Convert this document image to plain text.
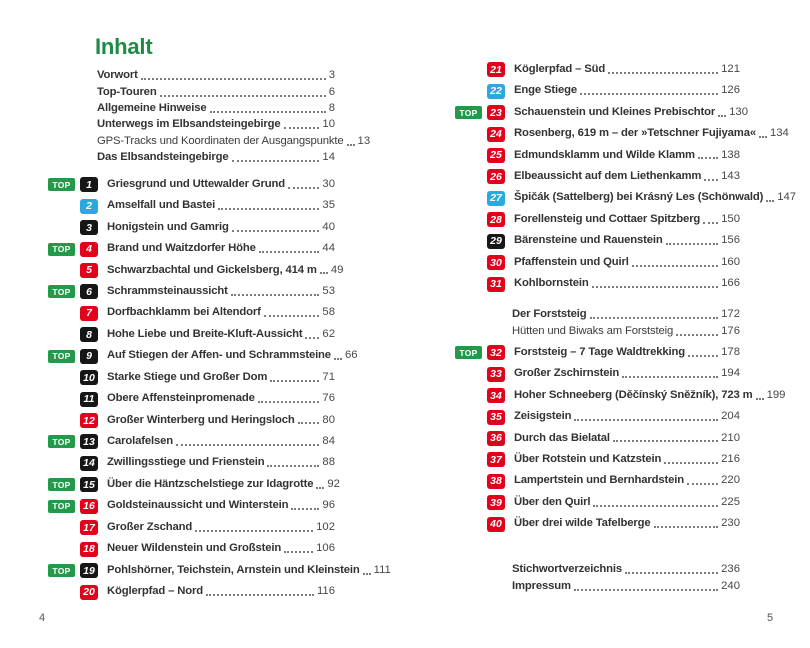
Inhalt
Vorwort	3
Top-Touren	6
Allgemeine Hinweise	8
Unterwegs im Elbsandsteingebirge	10
GPS-Tracks und Koordinaten der Ausgangspunkte 13
Das Elbsandsteingebirge	14
TOP	1	Griesgrund und Uttewalder Grund	30
2	Amselfall und Bastei	35
3	Honigstein und Gamrig	40
TOP	4	Brand und Waitzdorfer Höhe	44
5	Schwarzbachtal und Gickelsberg, 414 m 49
TOP	6	Schrammsteinaussicht	53
7	Dorfbachklamm bei Altendorf	58
8	Hohe Liebe und Breite-Kluft-Aussicht 62
TOP	9	Auf Stiegen der Affen- und Schrammsteine 66
10 Starke Stiege und Großer Dom	71
11	Obere Affensteinpromenade	76
12 Großer Winterberg und Heringsloch 80
TOP	13 Carolafelsen	84
14 Zwillingsstiege und Frienstein	88
TOP	15 Über die Häntzschelstiege zur Idagrotte 92
TOP	16 Goldsteinaussicht und Winterstein	96
17 Großer Zschand	102
18 Neuer Wildenstein und Großstein	106
TOP	19 Pohlshörner, Teichstein, Arnstein und Kleinstein 111
20 Köglerpfad – Nord	116
21 Köglerpfad – Süd	121
22 Enge Stiege	126
TOP	23 Schauenstein und Kleines Prebischtor 130
24 Rosenberg, 619 m – der »Tetschner Fujiyama« 134
25 Edmundsklamm und Wilde Klamm 138
26 Elbeaussicht auf dem Liethenkamm 143
27 Špičák (Sattelberg) bei Krásný Les (Schönwald) 147
28 Forellensteig und Cottaer Spitzberg 150
29 Bärensteine und Rauenstein	156
30 Pfaffenstein und Quirl	160
31 Kohlbornstein	166
Der Forststeig	172
Hütten und Biwaks am Forststeig	176
TOP	32 Forststeig – 7 Tage Waldtrekking	178
33 Großer Zschirnstein	194
34 Hoher Schneeberg (Děčínský Sněžník), 723 m 199
35 Zeisigstein	204
36 Durch das Bielatal	210
37 Über Rotstein und Katzstein	216
38 Lampertstein und Bernhardstein	220
39 Über den Quirl	225
40 Über drei wilde Tafelberge	230
Stichwortverzeichnis	236
Impressum	240
4	5
